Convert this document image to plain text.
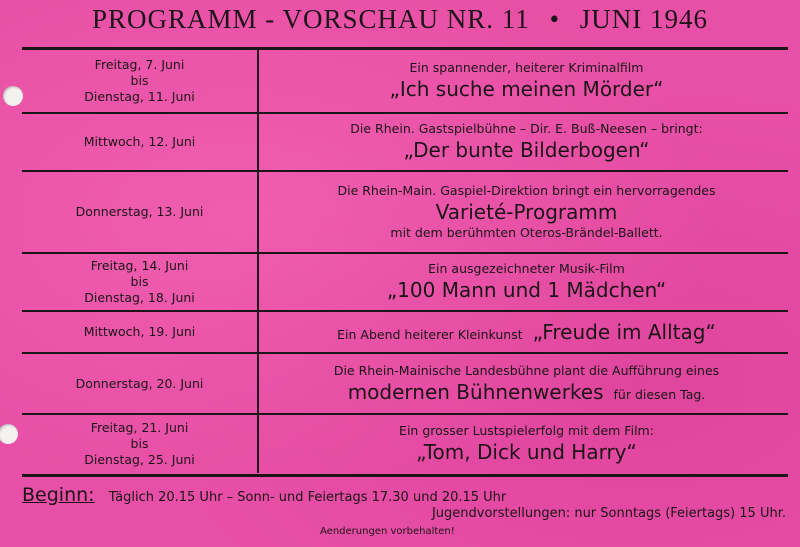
PROGRAMM - VORSCHAU NR. 11 • JUNI 1946
Freitag, 7. Juni
bis
Dienstag, 11. Juni
Ein spannender, heiterer Kriminalfilm
„Ich suche meinen Mörder“
Mittwoch, 12. Juni
Die Rhein. Gastspielbühne – Dir. E. Buß-Neesen – bringt:
„Der bunte Bilderbogen“
Donnerstag, 13. Juni
Die Rhein-Main. Gaspiel-Direktion bringt ein hervorragendes
Varieté-Programm
mit dem berühmten Oteros-Brändel-Ballett.
Freitag, 14. Juni
bis
Dienstag, 18. Juni
Ein ausgezeichneter Musik-Film
„100 Mann und 1 Mädchen“
Mittwoch, 19. Juni	Ein Abend heiterer Kleinkunst „Freude im Alltag“
Donnerstag, 20. Juni
Die Rhein-Mainische Landesbühne plant die Aufführung eines
modernen Bühnenwerkes für diesen Tag.
Freitag, 21. Juni
bis
Dienstag, 25. Juni
Ein grosser Lustspielerfolg mit dem Film:
„Tom, Dick und Harry“
Beginn: Täglich 20.15 Uhr – Sonn- und Feiertags 17.30 und 20.15 Uhr
Jugendvorstellungen: nur Sonntags (Feiertags) 15 Uhr.
Aenderungen vorbehalten!
